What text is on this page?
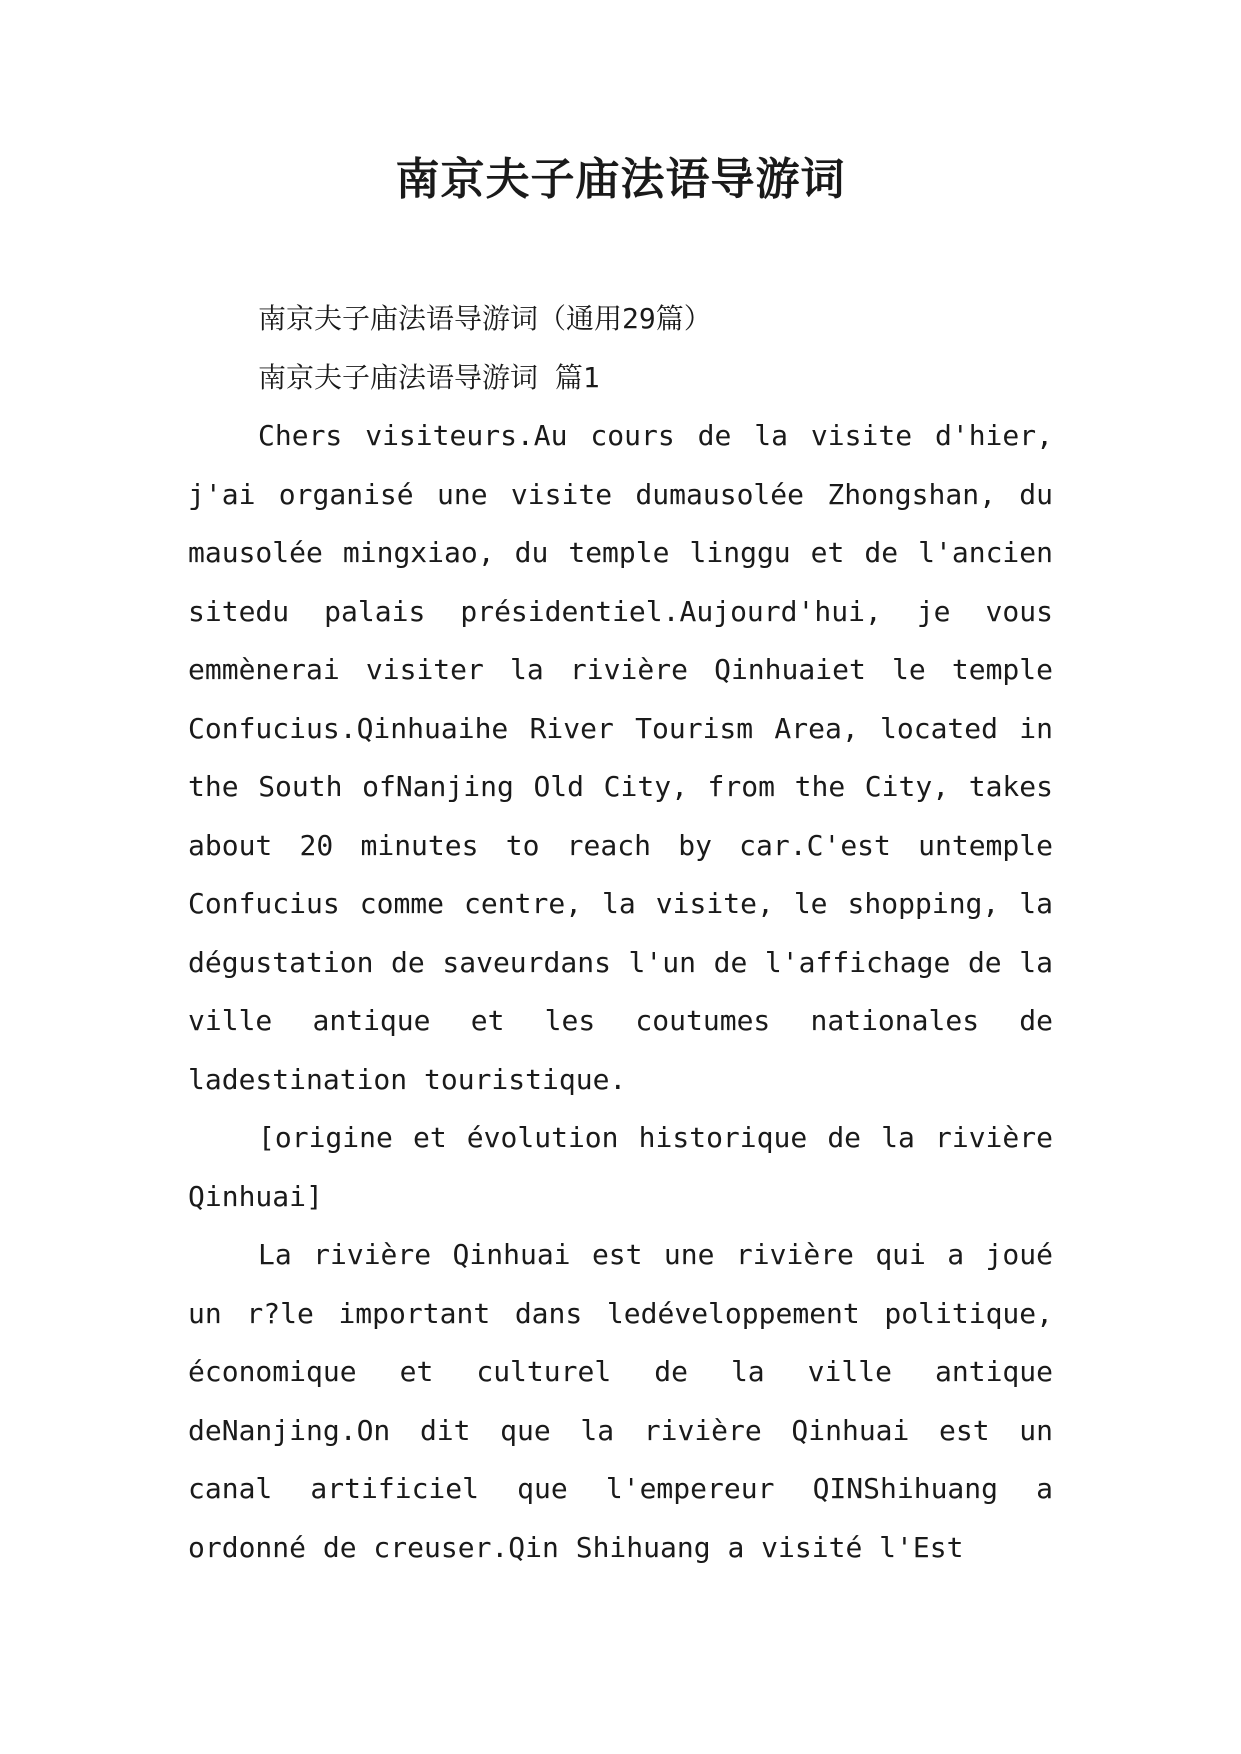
南京夫子庙法语导游词

南京夫子庙法语导游词（通用29篇）

南京夫子庙法语导游词 篇1

Chers visiteurs.Au cours de la visite d'hier, j'ai organisé une visite dumausolée Zhongshan, du mausolée mingxiao, du temple linggu et de l'ancien sitedu palais présidentiel.Aujourd'hui, je vous emmènerai visiter la rivière Qinhuaiet le temple Confucius.Qinhuaihe River Tourism Area, located in the South ofNanjing Old City, from the City, takes about 20 minutes to reach by car.C'est untemple Confucius comme centre, la visite, le shopping, la dégustation de saveurdans l'un de l'affichage de la ville antique et les coutumes nationales de ladestination touristique.

[origine et évolution historique de la rivière Qinhuai]

La rivière Qinhuai est une rivière qui a joué un r?le important dans ledéveloppement politique, économique et culturel de la ville antique deNanjing.On dit que la rivière Qinhuai est un canal artificiel que l'empereur QINShihuang a ordonné de creuser.Qin Shihuang a visité l'Est
